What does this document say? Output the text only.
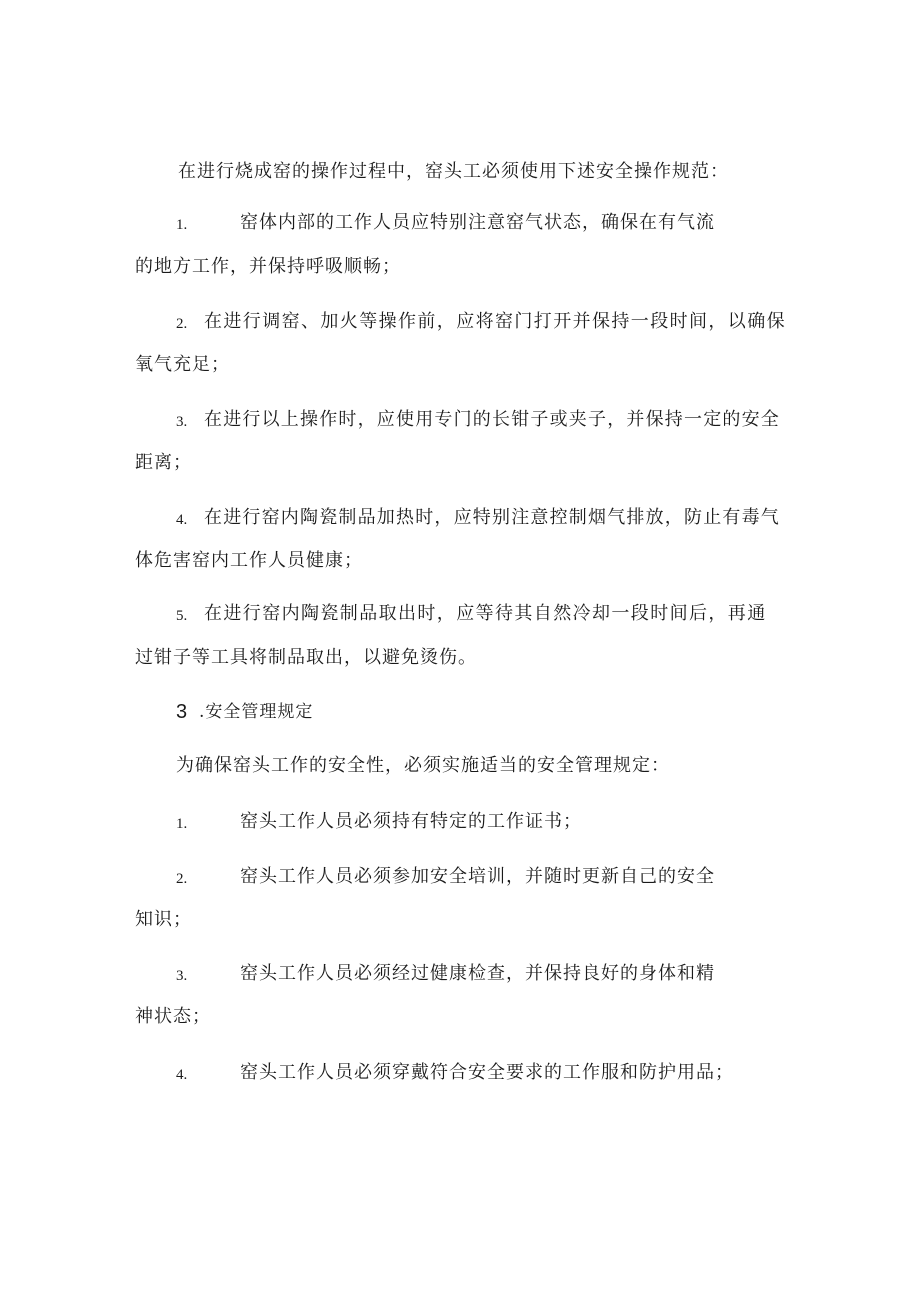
在进行烧成窑的操作过程中，窑头工必须使用下述安全操作规范：
1.	窑体内部的工作人员应特别注意窑气状态，确保在有气流
的地方工作，并保持呼吸顺畅；
2. 在进行调窑、加火等操作前，应将窑门打开并保持一段时间，以确保
氧气充足；
3. 在进行以上操作时，应使用专门的长钳子或夹子，并保持一定的安全
距离；
4. 在进行窑内陶瓷制品加热时，应特别注意控制烟气排放，防止有毒气
体危害窑内工作人员健康；
5. 在进行窑内陶瓷制品取出时，应等待其自然冷却一段时间后，再通
过钳子等工具将制品取出，以避免烫伤。
3 .安全管理规定
为确保窑头工作的安全性，必须实施适当的安全管理规定：
1.	窑头工作人员必须持有特定的工作证书；
2.	窑头工作人员必须参加安全培训，并随时更新自己的安全
知识；
3.	窑头工作人员必须经过健康检查，并保持良好的身体和精
神状态；
4.	窑头工作人员必须穿戴符合安全要求的工作服和防护用品；
